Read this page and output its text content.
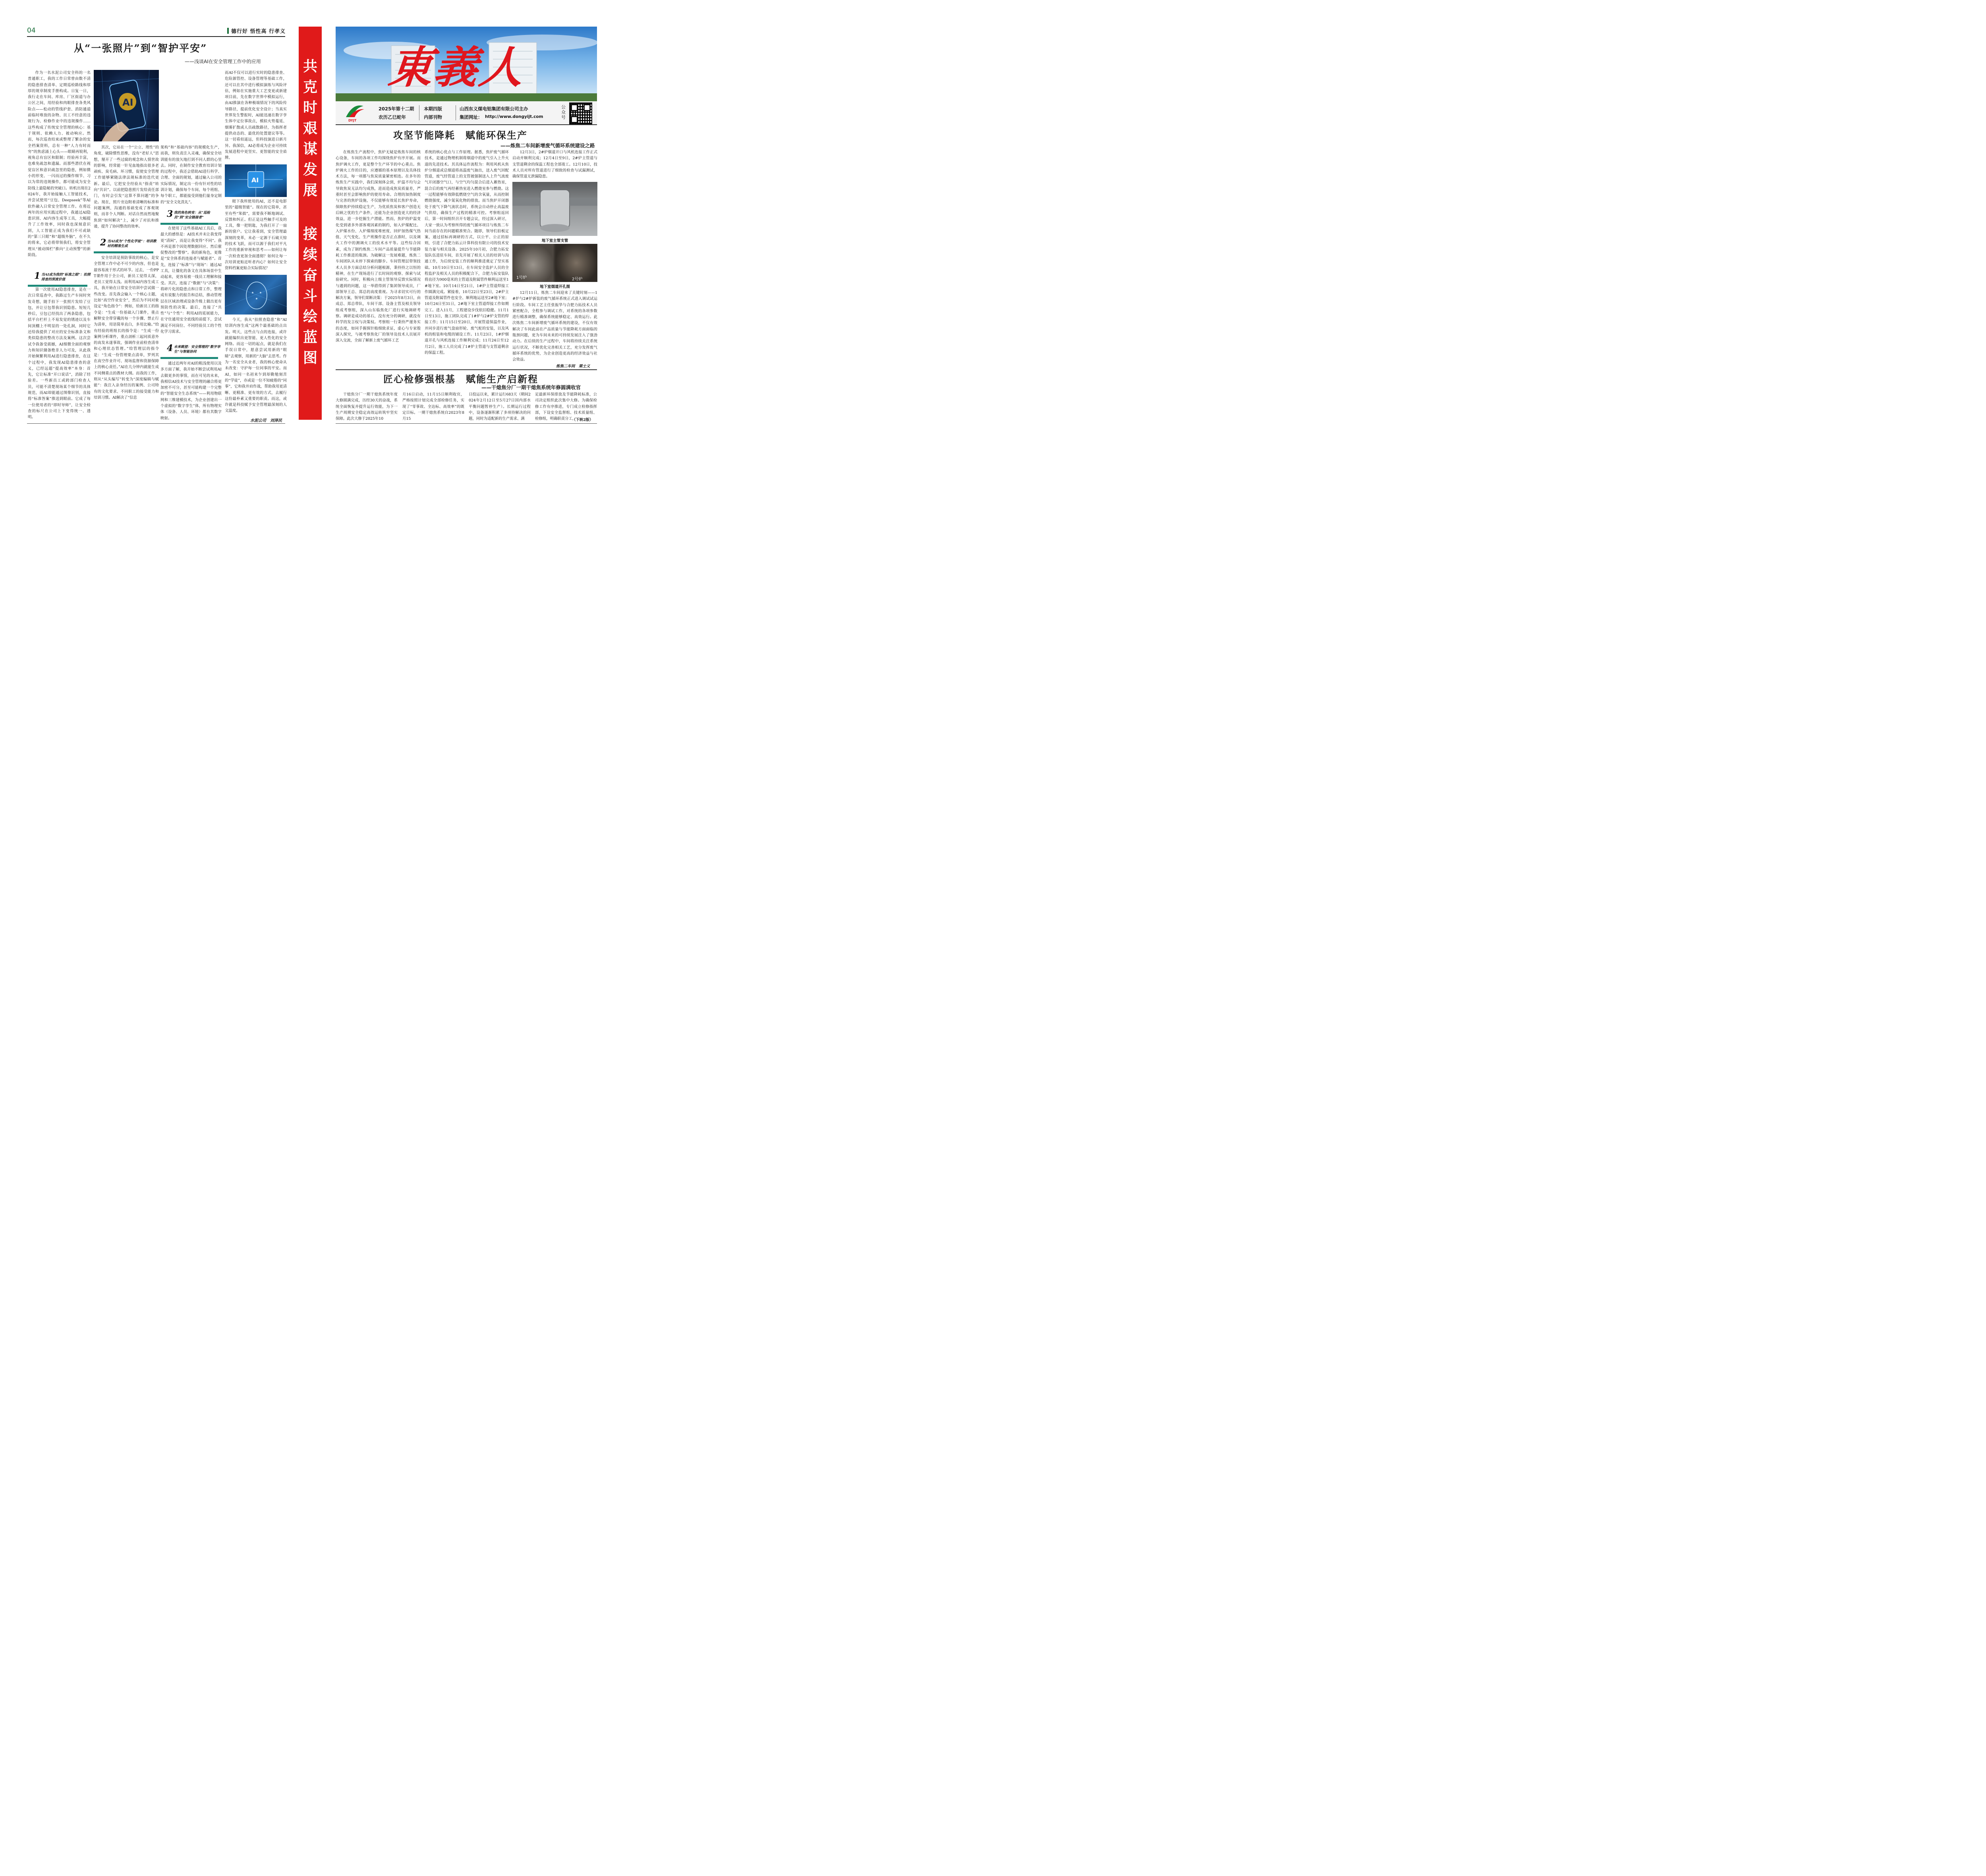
04	德行好 悟性高 行孝义
从“一张照片”到“智护平安”
——浅谈AI在安全管理工作中的应用

作为一名水泥公司安全科的一名普通职工，我的工作日常曾由数不清的隐患排查清单、定期巡检路线和厚厚的规章制度手册构成。日复一日，我行走在车间、库房、厂区街道与办公区之间，用经验和肉眼排查各类风险点——松动的管线护套、消防通道前临时堆放的杂物、员工不经意的违规行为、检修作业中的违规操作……这些构成了传统安全管理的核心：基于规则、依赖人力、被动响应。然而，每次巡查结束或整理了繁杂的安全档案资料，总有一种“人力有时而穷”的焦虑涌上心头——眼睛再锐利，视角总有盲区和限制；经验再丰富，也难免疏忽和遗漏。而那些潜伏在视觉盲区和意识疏忽里的隐患，例如微小的形变、一闪而过的操作细节、习以为常的违规操作，都可能成为安全防线上最隐秘的突破口。转机出现在2024年，我开始接触人工智能技术，并尝试使用“豆包、Deepseek”等AI软件融入日常安全管理工作。在将近两年的应用实践过程中，我通过AI隐患识别、AI内容生成等工具，大幅提升了工作效率，同时我也深刻意识到，人工智能正成为我们不可或缺的“第三只眼”和“超级外脑”，在不久的将来，它必将带领我们，将安全管理从“被动围栏”推向“主动预警”的新阶段。

1 当AI成为我的“标准之眼”：拍照排查的深度价值

第一次使用AI隐患排查，是在一次日常巡查中，我路过生产车间时突发奇想，随手拍下一张照片发给了豆包，并让豆包帮我识别隐患。短短几秒后，豆包已经找出了两条隐患，包括平台栏杆上不易发觉的锈迹以及车间顶棚上不明显的一处孔洞，同时它还给我提供了对应的安全标准条文和类似隐患的整改方法及案例。这次尝试令我备受震撼，AI细微全面的观察力和知识储备绝非人力可及，从此我开始频繁利用AI进行隐患排查，在这个过程中，我发现AI隐患排查的意义，已经远超“提高效率”本身：首先，它让标准“开口说话”，消除了经验差。一些新员工或跨部门检查人员，可能不清楚现场某个细节的具体规范，而AI却能通过图像识别，直接将“标准答案”推送到眼前。它成了每一位使用者的“即时导师”，让安全检查的标尺在公司上下变得统一、透明。

AI

其次，它站在一个“公立、理性”的角度，破除惯性思维，没有“老好人”思想，掰开了一些过腐的观念和人情世故的影响，经常能一针见血地指出很多老顽疾、臭毛病、坏习惯，促使安全管理工作能够紧随法律法规标准的迭代更新。最后，它把安全经验从“指责”转向“共识”。以前把隐患照片发给责任部门，有时会引发“这算不算问题”的争论。现在，照片旁边附着清晰的标准和问题案例，沟通的基础变成了客观规则，而非个人判断。对话自然而然地聚焦到“如何解决”上，减少了对抗和推诿，提升了协同整改的效率。

2 当AI成为“个性化学徒”：培训教材的精准生成

安全培训是预防事故的核心，是安全管理工作中必不可少的内容，但也是最容易流于形式的环节。过去，一份PPT课件用于全公司，新员工觉得太深，老员工觉得太浅。而利用AI内容生成工具，我开始在日常安全培训中尝试做一些改变。首先我会输入一个核心主题，比如“高空作业安全”，然后为不同对象设定“角色指令”：例如，给新员工的指令是：“生成一份基础入门课件，重点解释安全带穿戴的每一个步骤、禁止行为清单，用语简单直白，多用比喻。”给有经验的班组长的指令是：“生成一份案例分析课件，重点剖析三起同质意外的高发未遂事故，强调作业前检查清单和心理状态管理。”给管理层的指令是：“生成一份管理要点清单，罗列其在高空作业许可、现场监督和资源保障上的核心责任。”AI在几分钟内就能生成不同侧重点的教材大纲。而我的工作，则从“从头编写”转变为“深度编辑与赋能”：我注入亲身经历的案例、公司特有的文化要求、不同职工的接受能力和培训习惯。AI解决了“信息

架构”和“基础内容”的规模化生产，而我，则负责注入灵魂，确保安全培训能有的放矢地打到不同人群的心里去。同时，在制作安全教育培训计划的过程中，我还会借助AI进行科学、合理、全面的规划，通过输入公司的实际情况，制定出一份有针对性的培训计划，确保每个车间、每个班组、每个职工，都能接受到他们量身定制的“安全文化洗礼”。

3 我的角色转变：从“巡检员”到“安全链接者”

在使用了这些基础AI工具后，我最大的感悟是：AI技术并未让我变得更“清闲”，而是让我变得“不同”。我不再是那个因处理数据回应、然后催促整改的“警察”。我的新角色，更像是“安全体系的连接者与赋能者”。首先，连接了“标准”与“现场”：通过AI工具，让僵化的条文在具体场景中生动起来，更容易被一线员工理解和接受。其次，连接了“数据”与“决策”：将碎片化的隐患点和日常工作，整理成有说服力的报告和总结，推动管理层在区域治理或设备升级上做出更有预防性的决策。最后，连接了“共性”与“个性”：利用AI的延展能力，在守住通用安全底线的前提下，尝试满足不同岗位、不同经验员工的个性化学习需求。

4 未来眺望：安全管理的“数字孪生”与智能协同

通过近两年对AI的粗浅使用以及多方面了解，我开始不断尝试利用AI去做更多的事情，而在可见的未来，我相信AI技术与安全管理的融合将更加密不可分，甚至可能构建一个完整的“智能安全生态系统”——利用物联网和三维建模技术，为企业创建出一个虚拟的“数字孪生”体，所有物理实体（设备、人员、环境）都有其数字映射。

而AI不仅可以进行实时的隐患排查、危险源管控、设备管理等基础工作，还可以在其中进行模拟演练与风险评估，例如在实施重大工艺变更或新建项目前，先在数字世界中模拟运行，由AI推演在各种极端情况下的风险传导路径，提前优化安全设计；当真实世界发生警报时，AI能迅速在数字孪生体中定位事故点，模拟火势蔓延、烟雾扩散或人员疏散路径，为指挥者提供动态的、最优的处置建议等等。这一切看似遥远，但科技演进日新月异。我深信，AI必将成为企业可持续发展进程中更坚实、更智能的安全盾牌。

AI

眼下我所使用的AI，还不是电影里的“超级智能”。现在的它简单，甚至有些“笨拙”，需要我不断地调试、反馈和纠正。但正是这些触手可及的工具，像一把钥匙，为我打开了一扇新的窗户。它让我看到，安全管理最深刻的变革，未必一定源于石破天惊的技术飞跃，而可以源于我们对平凡工作的重新审视和思考——如何让每一次检查更加全面透彻？如何让每一次培训更贴近听者内心？如何让安全资料档案更贴合实际情况？

今天，我从“拍照查隐患”和“AI培训内容生成”这两个最基础的点出发。明天，这些点与点的连接，或许就能编织出更智能、更人性化的安全网络。而这一切的起点，就是我们在手误日常中，愿意尝试用新的“眼睛”去观察，用新的“大脑”去思考。作为一名安全从业者，我的核心使命从未改变：守护每一位同事的平安。而AI，如同一名初来乍到却勤勉刻苦的“学徒”，亦或是一位不知疲倦的“同事”，它和我并肩作战，帮助我用更清晰、更精准、更有效的方式，去履行这份最朴素又重要的职责。而这，或许就是科技赋予安全管理最深刻的人文温度。

水泥公司　刘泽民
共
克
时
艰
谋
发
展
接
续
奋
斗
绘
蓝
图
東義人
DYJT
2025年第十二期
农历乙巳蛇年
本期四版
内部刊物
山西东义煤电铝集团有限公司主办
集团网址： http://www.dongyijt.com
公众号
攻坚节能降耗　赋能环保生产
——炼焦二车间新增废气循环系统建设之路

在炼焦生产流程中，焦炉无疑是炼焦车间的核心设备，车间的各项工作均围绕焦炉有序开展。而焦炉调火工作，更是整个生产环节的中心重点。焦炉调火工作的目的，应遵循的基本原理以及具体技术方法，每一项都与焦炭质量紧密相连。在多年的炼焦生产实践中，我们深刻体会到，炉温不均匀会导致焦炭无法均匀成熟，进而造成焦炭质量差，严重时甚至会影响焦炉的使用寿命。合理的加热制度与完善的焦炉设施，不仅能够有效延长焦炉寿命，保障焦炉持续稳定生产，为优质焦炭和客户创造无后顾之忧的生产条件，还能为企业创造更大的经济效益，进一步挖掘生产潜能。然而，焦炉的炉温变化受到诸多外部客观因素的制约，如入炉煤配比、入炉煤水份、入炉煤细度堆密度、回炉加热煤气热值、天气变化、生产班操作是否正点准时，以及调火工作中的测调火工的技术水平等。这些综合因素，成为了制约炼焦二车间产品质量提升与节能降耗工作推进的瓶颈。为破解这一发展难题，炼焦二车间团队从未停下探索的脚步。车间管理层带领技术人员多方面总结分析问题根源，秉持持之以恒的精神，在生产现场进行了长时间的观察、探索与试验研究。同时，积极向上级主管领导反馈实际情况与遇到的问题，这一举措得到了集团领导成员，厂部领导王总、郑总的高度重视。为寻求切实可行的解决方案，领导们果断决策：于2025年8月3日，由成总、郑总带队，车间干部、设备主管及相关领导组成考察组，深入山东临焦化厂进行实地调研考察。调研是成功的基石，没有充分的调研，就没有科学的发言权与决策权。考察组一行秉持严谨务实的态度，如同手握探针般细致求证，虚心与专家殷深入探究，与被考察焦化厂的领导及技术人员展开深入交流，全面了解新上废气循环工艺

系统的核心优点与工作原理。据悉，焦炉废气循环技术，是通过物理机制将烟道中的废气引入上升火道的先进技术。其具体运作流程为：利用风机从焦炉分烟道或总烟道将高温废气抽出，送入废气回配管道，废气经管道上的支管被强制送入上升气流废气开闭器空气口，与空气均匀混合后进入蓄热室，混合后的废气再经蓄热室进入燃烧室参与燃烧。这一过程能够有效降低燃烧空气的含氧量，从而控制燃烧强度，减少氮氧化物的排放。而当焦炉开闭器处于废气下降气流状态时，系统会自动停止高温废气供给，确保生产过程的精准可控。考察组返回后，第一时间组织召开专题会议，经过深入研讨，大家一致认为考察所得的废气循环项目与炼焦二车间当前存在的问题精准契合。随即，领导们拍板定案，通过招标再调研的方式，以公平、公正的原则，引进了合肥力拓云计算科技有限公司的技术安装力量与相关设备。2025年10月初，合肥力拓安装队伍进驻车间，首先开展了相关人员的培训与沟通工作，为后续安装工作的顺利推进奠定了坚实基础。10月10日至13日，在车间安全监护人员的全程监护及相关人员的积极配合下，合肥力拓安装队将直径为900毫米的主管道及附属管件顺利运送至1#地下室。10月14日至21日，1#炉主管道焊接工作圆满完成。紧接着，10月22日至23日，2#炉主管道及附属管件也安全、顺利地运送至2#地下室；10月24日至31日，2#地下室主管道焊接工作如期完工。进入11月，工程建设步伐依旧稳健。11月1日至13日，施工团队完成了1#炉与2#炉支管的焊接工作；11月15日至20日，开展管道保温作业，并同步进行废气盘扇形轮、废气蛇的安装，以及风机的组装和电缆的铺设工作。11月23日，1#炉烟道开孔与风机连接工作顺利完成；11月24日至12月2日，施工人员完成了1#炉主管道与支管道剩余的保温工程。

12月3日，2#炉烟道开口与风机连接工作正式启动并顺利完成；12月4日至9日，2#炉主管道与支管道剩余的保温工程也全部竣工。12月10日，技术人员对所有管道进行了细致的检查与试漏测试，确保管道无泄漏隐患。

地下室主管支管
1号炉	2号炉
地下室烟道开孔图

12月11日，炼焦二车间迎来了关键时刻——1#炉与2#炉新装的废气循环系统正式进入调试试运行阶段。车间工艺主任张振华与合肥力拓技术人员紧密配合，全程参与调试工作，对系统的各项参数进行精准调整，确保系统能够稳定、高效运行。此次炼焦二车间新增废气循环系统的建设，不仅有效解决了车间此前在产品质量与节能降耗方面面临的瓶颈问题，更为车间未来的可持续发展注入了强劲动力。在后续的生产过程中，车间将持续关注系统运行状况，不断优化完善相关工艺，充分发挥废气循环系统的优势，为企业创造更高的经济效益与社会效益。

炼焦二车间　栗士义
匠心检修强根基　赋能生产启新程
——干熄焦分厂一期干熄焦系统年修圆满收官

干熄焦分厂一期干熄焦系统年度大修圆满完成，历经30天的奋战，系统全面恢复并提升运行效能，为下一生产周期安全稳定高效运转筑牢坚实保障。此次大修于2025年10

月16日启动，11月15日顺利收官，严格按照计划完成全部检修任务，实现了“零事故、全达标、高效率”的既定目标。一期干熄焦系统自2023年8月15

日投运以来，累计运行683天（期间2024年2月12日至5月27日因内部水平衡问题暂停生产）。长期运行过程中，设备逐渐积累了多项待解决的问题，同时为适配新的生产需求、满

足最新环保排放及节能降耗标准，公司决定组织此次集中大修。为确保检修工作有序推进，专门成立检修指挥部，下设安全监督组、技术质量组、检修组，明确职责分工，

（下转2版）
